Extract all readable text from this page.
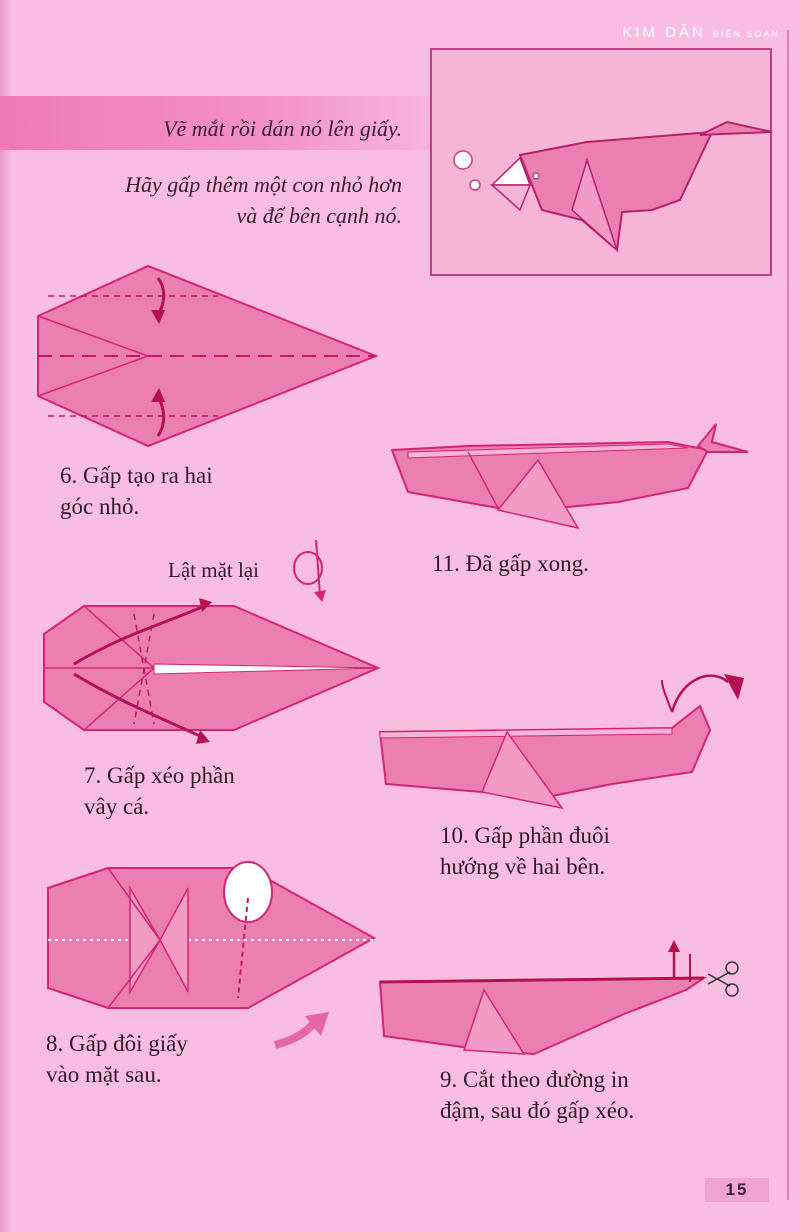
KIM DÂN BIÊN SOẠN
Vẽ mắt rồi dán nó lên giấy.
Hãy gấp thêm một con nhỏ hơn
và để bên cạnh nó.
6. Gấp tạo ra hai
góc nhỏ.
Lật mặt lại
7. Gấp xéo phần
vây cá.
8. Gấp đôi giấy
vào mặt sau.
11. Đã gấp xong.
10. Gấp phần đuôi
hướng về hai bên.
9. Cắt theo đường in
đậm, sau đó gấp xéo.
15
